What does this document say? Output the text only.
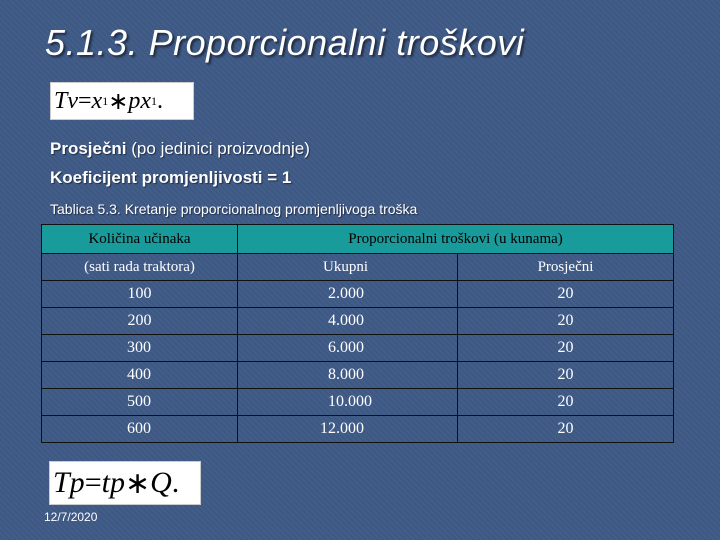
5.1.3. Proporcionalni troškovi
Tv = x 1 ∗ px 1 .

Prosječni (po jedinici proizvodnje)

Koeficijent promjenljivosti = 1

Tablica 5.3. Kretanje proporcionalnog promjenljivoga troška

Količina učinaka	Proporcionalni troškovi (u kunama)	
(sati rada traktora)	Ukupni	Prosječni
100	2.000	20
200	4.000	20
300	6.000	20
400	8.000	20
500	10.000	20
600	12.000	20
Tp = tp ∗ Q .

12/7/2020
